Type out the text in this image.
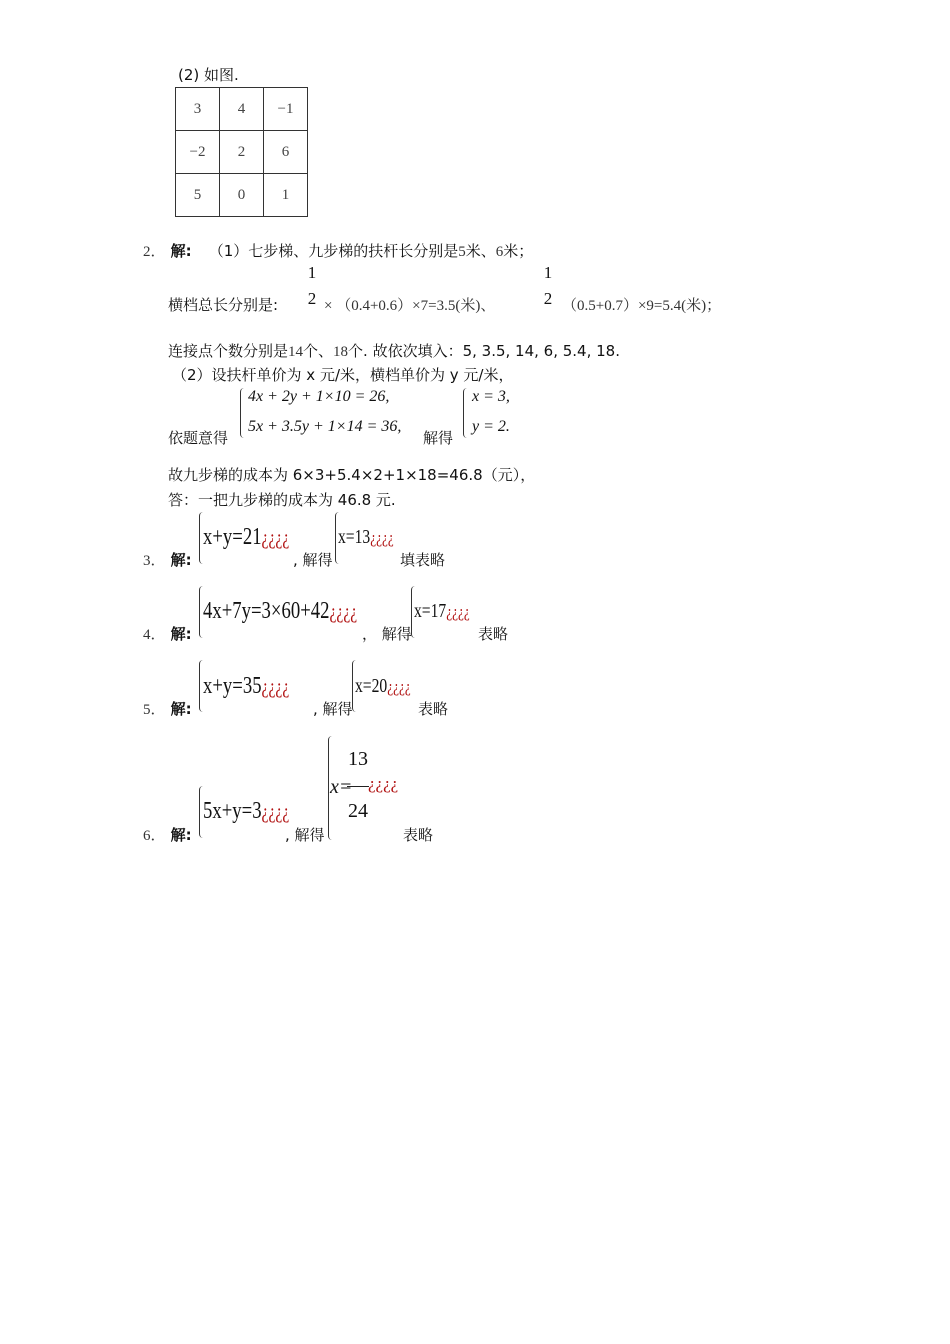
(2) 如图.
3	4	−1
−2	2	6
5	0	1
2． 解: （1）七步梯、九步梯的扶杆长分别是5米、6米；
横档总长分别是:
1
2 × （0.4+0.6）×7=3.5(米)、
1
2 （0.5+0.7）×9=5.4(米)；
连接点个数分别是14个、18个. 故依次填入：5, 3.5, 14, 6, 5.4, 18.
（2）设扶杆单价为 x 元/米，横档单价为 y 元/米，
依题意得
4x + 2y + 1×10 = 26,
5x + 3.5y + 1×14 = 36,
解得
x = 3,
y = 2.
故九步梯的成本为 6×3+5.4×2+1×18=46.8（元），
答：一把九步梯的成本为 46.8 元.
3． 解:
x+y=21¿¿¿¿
, 解得
x=13¿¿¿¿
填表略
4． 解:
4x+7y=3×60+42¿¿¿¿
， 解得
x=17¿¿¿¿
表略
5． 解:
x+y=35¿¿¿¿
, 解得
x=20¿¿¿¿
表略
6． 解:
5x+y=3¿¿¿¿
, 解得
x=
13
24
¿¿¿¿
表略
